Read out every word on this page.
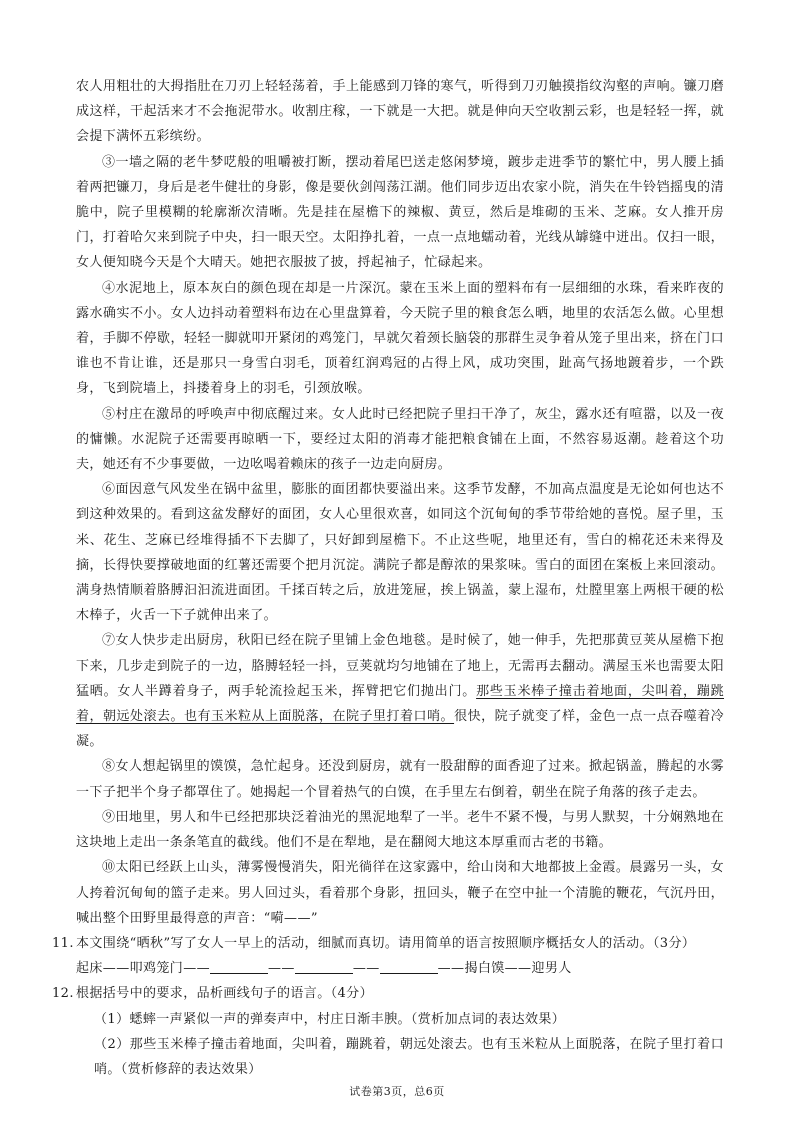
农人用粗壮的大拇指肚在刀刃上轻轻荡着，手上能感到刀锋的寒气，听得到刀刃触摸指纹沟壑的声响。镰刀磨成这样，干起活来才不会拖泥带水。收割庄稼，一下就是一大把。就是伸向天空收割云彩，也是轻轻一挥，就会提下满怀五彩缤纷。

③一墙之隔的老牛梦呓般的咀嚼被打断，摆动着尾巴送走悠闲梦境，踱步走进季节的繁忙中，男人腰上插着两把镰刀，身后是老牛健壮的身影，像是要伙剑闯荡江湖。他们同步迈出农家小院，消失在牛铃铛摇曳的清脆中，院子里模糊的轮廓渐次清晰。先是挂在屋檐下的辣椒、黄豆，然后是堆砌的玉米、芝麻。女人推开房门，打着哈欠来到院子中央，扫一眼天空。太阳挣扎着，一点一点地蠕动着，光线从罅缝中迸出。仅扫一眼，女人便知晓今天是个大晴天。她把衣服披了披，捋起袖子，忙碌起来。

④水泥地上，原本灰白的颜色现在却是一片深沉。蒙在玉米上面的塑料布有一层细细的水珠，看来昨夜的露水确实不小。女人边抖动着塑料布边在心里盘算着，今天院子里的粮食怎么晒，地里的农活怎么做。心里想着，手脚不停歇，轻轻一脚就叩开紧闭的鸡笼门，早就欠着颈长脑袋的那群生灵争着从笼子里出来，挤在门口谁也不肯让谁，还是那只一身雪白羽毛，顶着红润鸡冠的占得上风，成功突围，趾高气扬地踱着步，一个跌身，飞到院墙上，抖搂着身上的羽毛，引颈放喉。

⑤村庄在激昂的呼唤声中彻底醒过来。女人此时已经把院子里扫干净了，灰尘，露水还有喧嚣，以及一夜的慵懒。水泥院子还需要再晾晒一下，要经过太阳的消毒才能把粮食铺在上面，不然容易返潮。趁着这个功夫，她还有不少事要做，一边吆喝着赖床的孩子一边走向厨房。

⑥面因意气风发坐在锅中盆里，膨胀的面团都快要溢出来。这季节发酵，不加高点温度是无论如何也达不到这种效果的。看到这盆发酵好的面团，女人心里很欢喜，如同这个沉甸甸的季节带给她的喜悦。屋子里，玉米、花生、芝麻已经堆得插不下去脚了，只好卸到屋檐下。不止这些呢，地里还有，雪白的棉花还未来得及摘，长得快要撑破地面的红薯还需要个把月沉淀。满院子都是醇浓的果浆味。雪白的面团在案板上来回滚动。满身热情顺着胳膊汩汩流进面团。千揉百转之后，放进笼屉，挨上锅盖，蒙上湿布，灶膛里塞上两根干硬的松木棒子，火舌一下子就伸出来了。

⑦女人快步走出厨房，秋阳已经在院子里铺上金色地毯。是时候了，她一伸手，先把那黄豆荚从屋檐下抱下来，几步走到院子的一边，胳膊轻轻一抖，豆荚就均匀地铺在了地上，无需再去翻动。满屋玉米也需要太阳猛晒。女人半蹲着身子，两手轮流捡起玉米，挥臂把它们抛出门。那些玉米棒子撞击着地面，尖叫着，蹦跳着，朝远处滚去。也有玉米粒从上面脱落，在院子里打着口哨。很快，院子就变了样，金色一点一点吞噬着冷凝。

⑧女人想起锅里的馍馍，急忙起身。还没到厨房，就有一股甜醇的面香迎了过来。掀起锅盖，腾起的水雾一下子把半个身子都罩住了。她揭起一个冒着热气的白馍，在手里左右倒着，朝坐在院子角落的孩子走去。

⑨田地里，男人和牛已经把那块泛着油光的黑泥地犁了一半。老牛不紧不慢，与男人默契，十分娴熟地在这块地上走出一条条笔直的截线。他们不是在犁地，是在翻阅大地这本厚重而古老的书籍。

⑩太阳已经跃上山头，薄雾慢慢消失，阳光徜徉在这家露中，给山岗和大地都披上金霞。晨露另一头，女人挎着沉甸甸的篮子走来。男人回过头，看着那个身影，扭回头，鞭子在空中扯一个清脆的鞭花，气沉丹田，喊出整个田野里最得意的声音：“嗬——”

11. 本文围绕“晒秋”写了女人一早上的活动，细腻而真切。请用简单的语言按照顺序概括女人的活动。（3分）

起床——叩鸡笼门——	——	——	——揭白馍——迎男人

12. 根据括号中的要求，品析画线句子的语言。（4分）

（1）蟋蟀一声紧似一声的弹奏声中，村庄日渐丰腴。（赏析加点词的表达效果）

（2）那些玉米棒子撞击着地面，尖叫着，蹦跳着，朝远处滚去。也有玉米粒从上面脱落，在院子里打着口哨。（赏析修辞的表达效果）

试卷第3页，总6页
